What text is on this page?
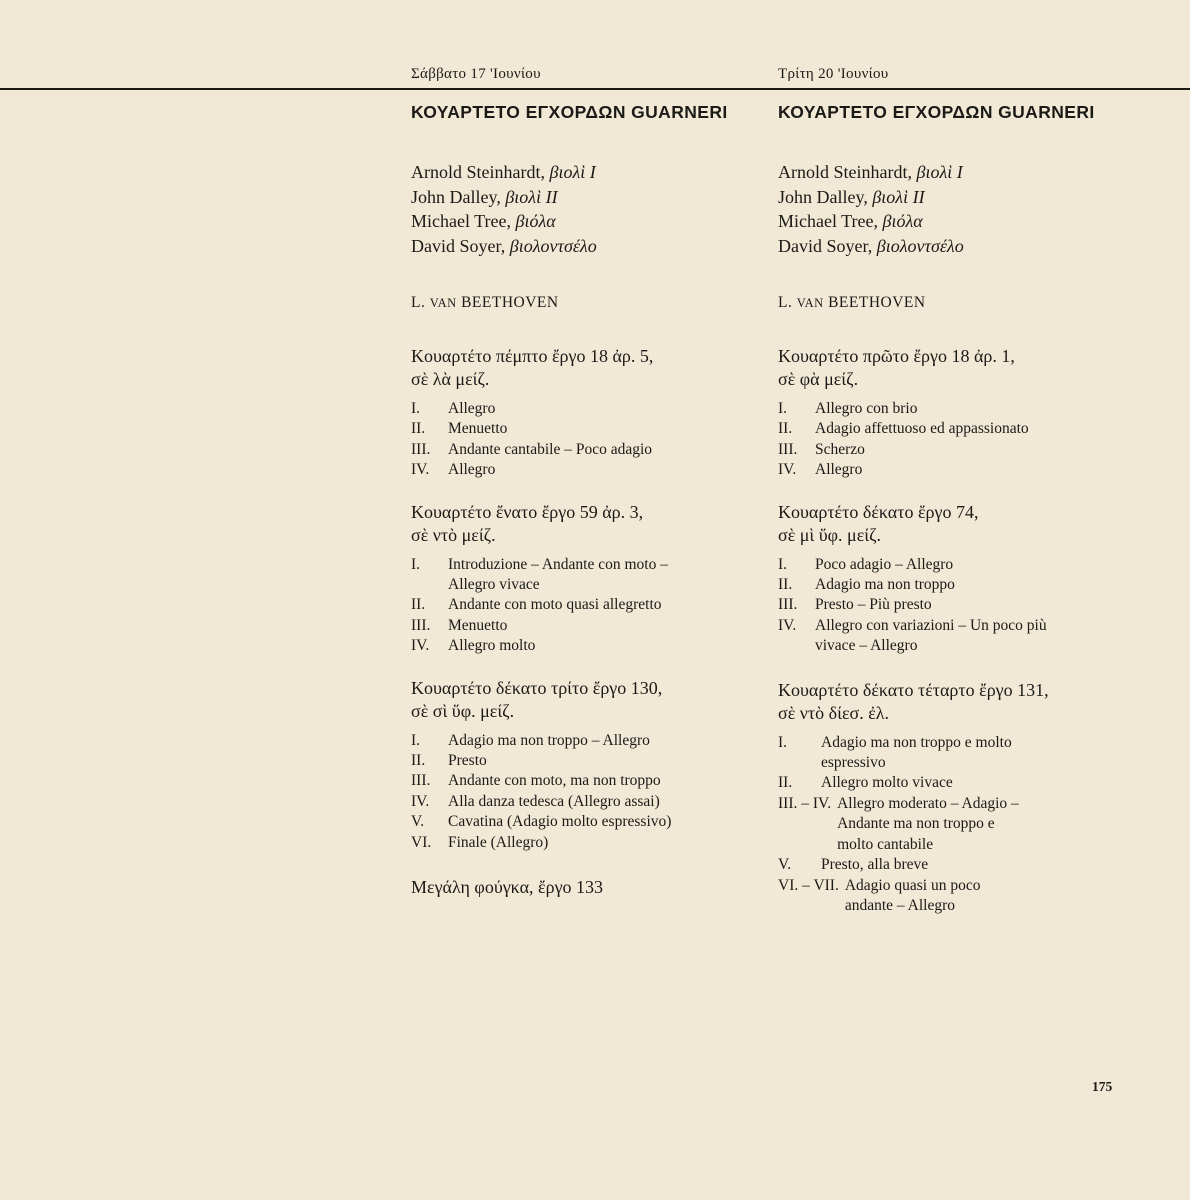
Σάββατο 17 'Ιουνίου
ΚΟΥΑΡΤΕΤΟ ΕΓΧΟΡΔΩΝ GUARNERI
Arnold Steinhardt, βιολὶ I
John Dalley, βιολὶ II
Michael Tree, βιόλα
David Soyer, βιολοντσέλο
L. VAN BEETHOVEN
Κουαρτέτο πέμπτο ἔργο 18 ἀρ. 5,
σὲ λὰ μείζ.
I.	Allegro
II.	Menuetto
III.	Andante cantabile – Poco adagio
IV.	Allegro
Κουαρτέτο ἔνατο ἔργο 59 ἀρ. 3,
σὲ ντὸ μείζ.
I.	Introduzione – Andante con moto –
Allegro vivace
II.	Andante con moto quasi allegretto
III.	Menuetto
IV.	Allegro molto
Κουαρτέτο δέκατο τρίτο ἔργο 130,
σὲ σὶ ὕφ. μείζ.
I.	Adagio ma non troppo – Allegro
II.	Presto
III.	Andante con moto, ma non troppo
IV.	Alla danza tedesca (Allegro assai)
V.	Cavatina (Adagio molto espressivo)
VI.	Finale (Allegro)
Μεγάλη φούγκα, ἔργο 133
Τρίτη 20 'Ιουνίου
ΚΟΥΑΡΤΕΤΟ ΕΓΧΟΡΔΩΝ GUARNERI
Arnold Steinhardt, βιολὶ I
John Dalley, βιολὶ II
Michael Tree, βιόλα
David Soyer, βιολοντσέλο
L. VAN BEETHOVEN
Κουαρτέτο πρῶτο ἔργο 18 ἀρ. 1,
σὲ φὰ μείζ.
I.	Allegro con brio
II.	Adagio affettuoso ed appassionato
III.	Scherzo
IV.	Allegro
Κουαρτέτο δέκατο ἔργο 74,
σὲ μὶ ὕφ. μείζ.
I.	Poco adagio – Allegro
II.	Adagio ma non troppo
III.	Presto – Più presto
IV.	Allegro con variazioni – Un poco più
vivace – Allegro
Κουαρτέτο δέκατο τέταρτο ἔργο 131,
σὲ ντὸ δίεσ. ἐλ.
I.	Adagio ma non troppo e molto
espressivo
II.	Allegro molto vivace
III. – IV. Allegro moderato – Adagio –
Andante ma non troppo e
molto cantabile
V.	Presto, alla breve
VI. – VII. Adagio quasi un poco
andante – Allegro
175
